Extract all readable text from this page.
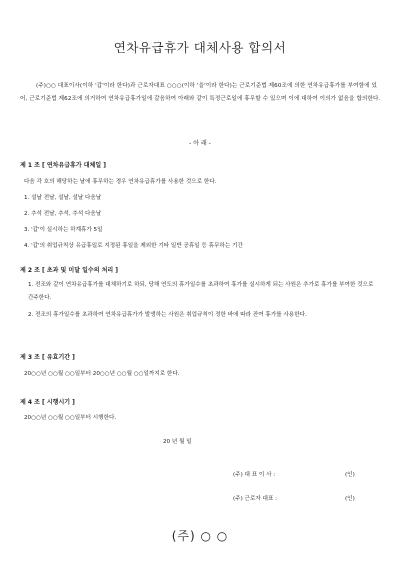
연차유급휴가 대체사용 합의서
(주)○○ 대표이사(이하 '갑'이라 한다)과 근로자대표 ○○○(이하 '을'이라 한다)는 근로기준법 제60조에 의한 연차유급휴가를 부여함에 있어, 근로기준법 제62조에 의거하여 연차유급휴가일에 갈음하여 아래와 같이 특정근로일에 휴무할 수 있으며 이에 대하여 이의가 없음을 합의한다.
- 아 래 -
제 1 조 [ 연차유급휴가 대체일 ]
다음 각 호의 해당하는 날에 휴무하는 경우 연차유급휴가를 사용한 것으로 한다.
1. 설날 전날, 설날, 설날 다음날
2. 추석 전날, 추석, 추석 다음날
3. '갑'이 실시하는 하계휴가 5일
4. '갑'의 취업규칙상 유급휴일로 지정된 휴일을 제외한 기타 일반 공휴일 등 휴무하는 기간
제 2 조 [ 초과 및 미달 일수의 처리 ]
1. 전조와 같이 연차유급휴가를 대체하기로 하되, 당해 연도의 휴가일수를 초과하여 휴가를 실시하게 되는 사원은 추가로 휴가를 부여한 것으로 간주한다.
2. 전조의 휴가일수를 초과하여 연차유급휴가가 발생하는 사원은 취업규칙이 정한 바에 따라 잔여 휴가를 사용한다.
제 3 조 [ 유효기간 ]
20○○년 ○○월 ○○일부터 20○○년 ○○월 ○○일까지로 한다.
제 4 조 [ 시행시기 ]
20○○년 ○○월 ○○일부터 시행한다.
20 년 월 일
(주) 대 표 이 사 :	(인)
(주) 근로자 대표 :	(인)
(주) ○ ○
